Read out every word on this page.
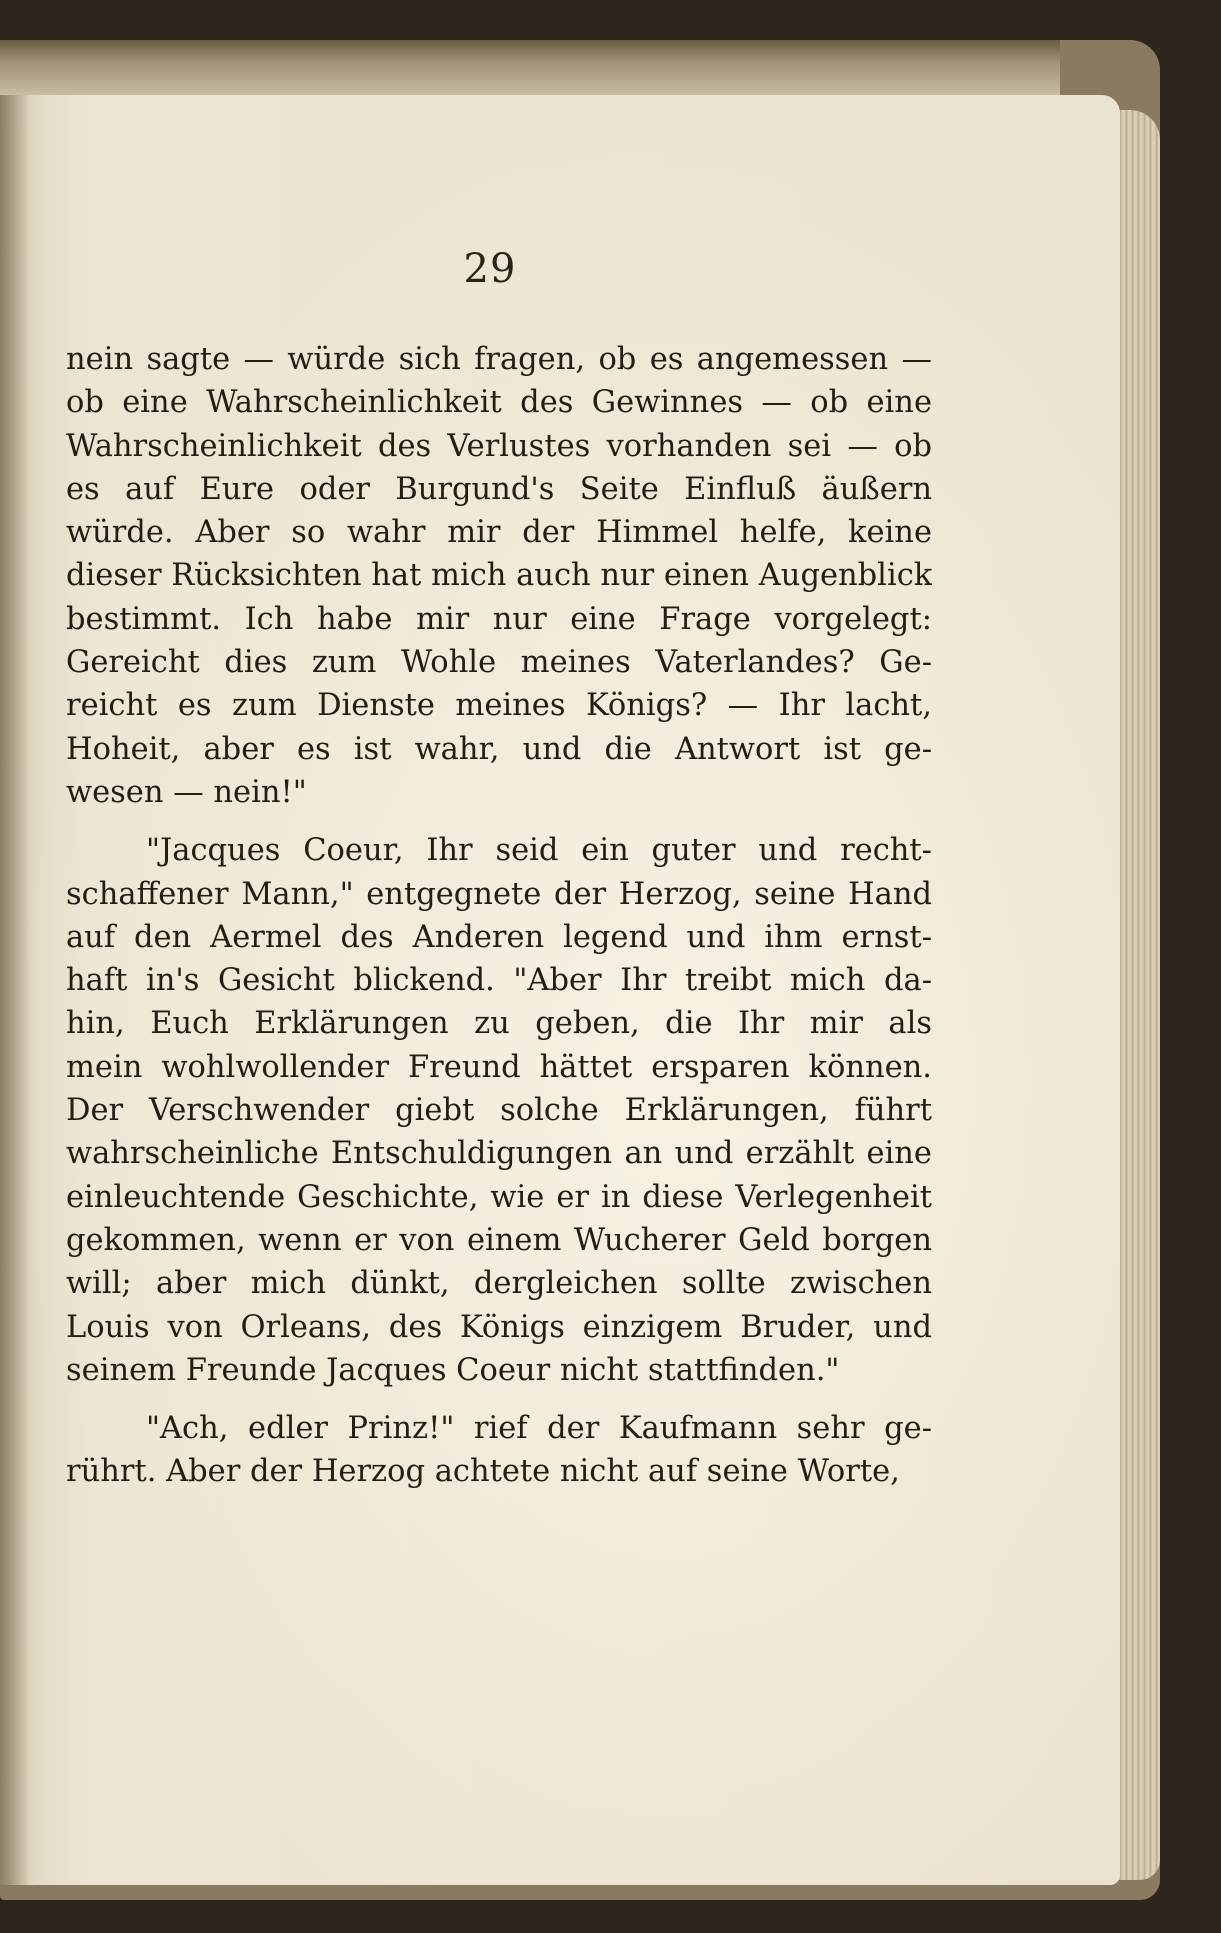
29
nein sagte — würde sich fragen, ob es angemessen —
ob eine Wahrscheinlichkeit des Gewinnes — ob eine
Wahrscheinlichkeit des Verlustes vorhanden sei — ob
es auf Eure oder Burgund's Seite Einfluß äußern
würde. Aber so wahr mir der Himmel helfe, keine
dieser Rücksichten hat mich auch nur einen Augenblick
bestimmt. Ich habe mir nur eine Frage vorgelegt:
Gereicht dies zum Wohle meines Vaterlandes? Ge-
reicht es zum Dienste meines Königs? — Ihr lacht,
Hoheit, aber es ist wahr, und die Antwort ist ge-
wesen — nein!"
"Jacques Coeur, Ihr seid ein guter und recht-
schaffener Mann," entgegnete der Herzog, seine Hand
auf den Aermel des Anderen legend und ihm ernst-
haft in's Gesicht blickend. "Aber Ihr treibt mich da-
hin, Euch Erklärungen zu geben, die Ihr mir als
mein wohlwollender Freund hättet ersparen können.
Der Verschwender giebt solche Erklärungen, führt
wahrscheinliche Entschuldigungen an und erzählt eine
einleuchtende Geschichte, wie er in diese Verlegenheit
gekommen, wenn er von einem Wucherer Geld borgen
will; aber mich dünkt, dergleichen sollte zwischen
Louis von Orleans, des Königs einzigem Bruder, und
seinem Freunde Jacques Coeur nicht stattfinden."
"Ach, edler Prinz!" rief der Kaufmann sehr ge-
rührt. Aber der Herzog achtete nicht auf seine Worte,
